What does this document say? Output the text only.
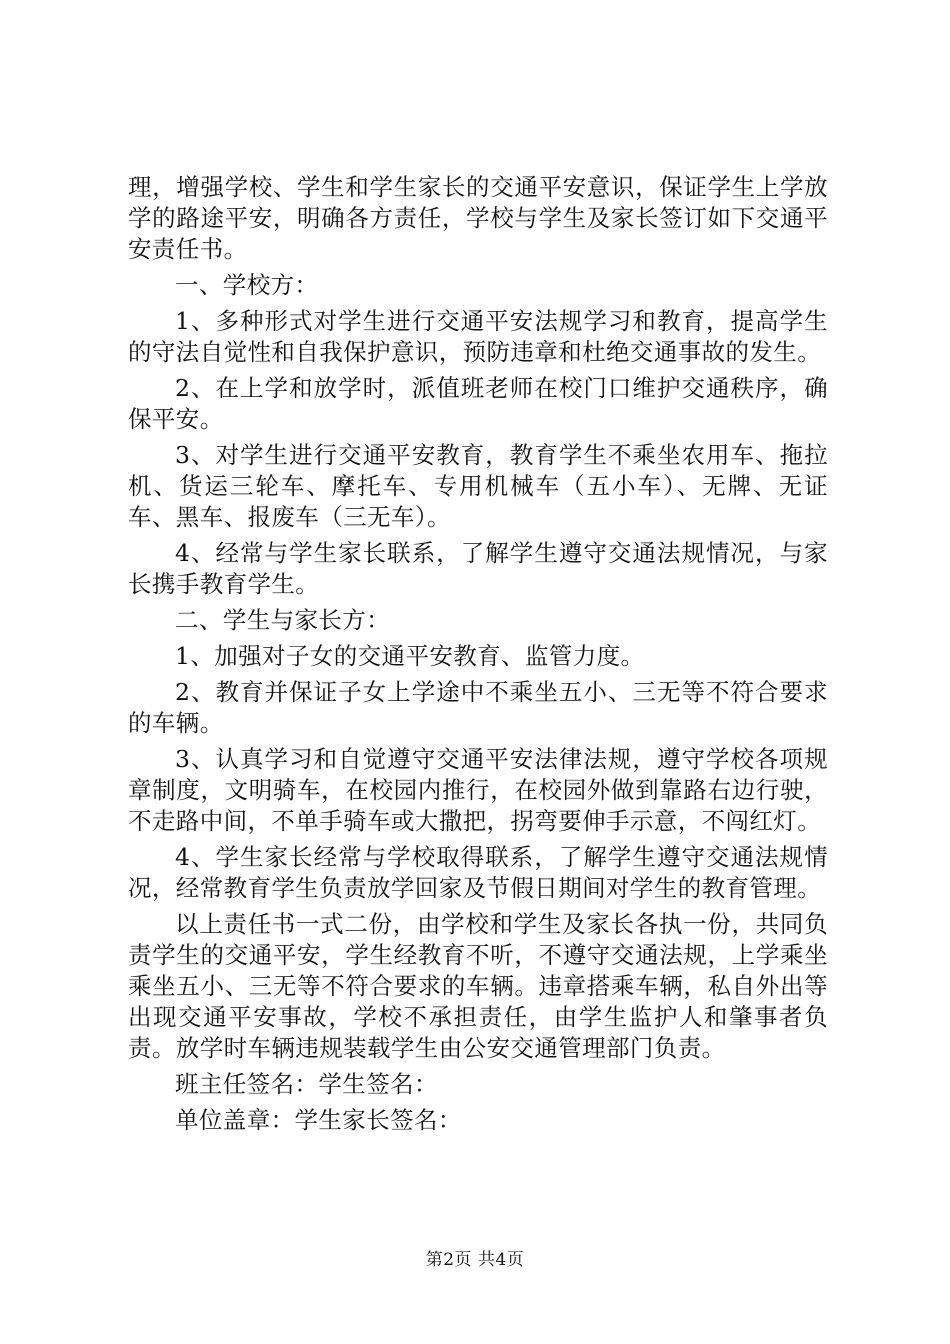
理，增强学校、学生和学生家长的交通平安意识，保证学生上学放学的路途平安，明确各方责任，学校与学生及家长签订如下交通平安责任书。

一、学校方：

1、多种形式对学生进行交通平安法规学习和教育，提高学生的守法自觉性和自我保护意识，预防违章和杜绝交通事故的发生。

2、在上学和放学时，派值班老师在校门口维护交通秩序，确保平安。

3、对学生进行交通平安教育，教育学生不乘坐农用车、拖拉机、货运三轮车、摩托车、专用机械车（五小车）、无牌、无证车、黑车、报废车（三无车）。

4、经常与学生家长联系，了解学生遵守交通法规情况，与家长携手教育学生。

二、学生与家长方：

1、加强对子女的交通平安教育、监管力度。

2、教育并保证子女上学途中不乘坐五小、三无等不符合要求的车辆。

3、认真学习和自觉遵守交通平安法律法规，遵守学校各项规章制度，文明骑车，在校园内推行，在校园外做到靠路右边行驶，不走路中间，不单手骑车或大撒把，拐弯要伸手示意，不闯红灯。

4、学生家长经常与学校取得联系，了解学生遵守交通法规情况，经常教育学生负责放学回家及节假日期间对学生的教育管理。

以上责任书一式二份，由学校和学生及家长各执一份，共同负责学生的交通平安，学生经教育不听，不遵守交通法规，上学乘坐乘坐五小、三无等不符合要求的车辆。违章搭乘车辆，私自外出等出现交通平安事故，学校不承担责任，由学生监护人和肇事者负责。放学时车辆违规装载学生由公安交通管理部门负责。

班主任签名：学生签名：

单位盖章：学生家长签名：

第2页 共4页
